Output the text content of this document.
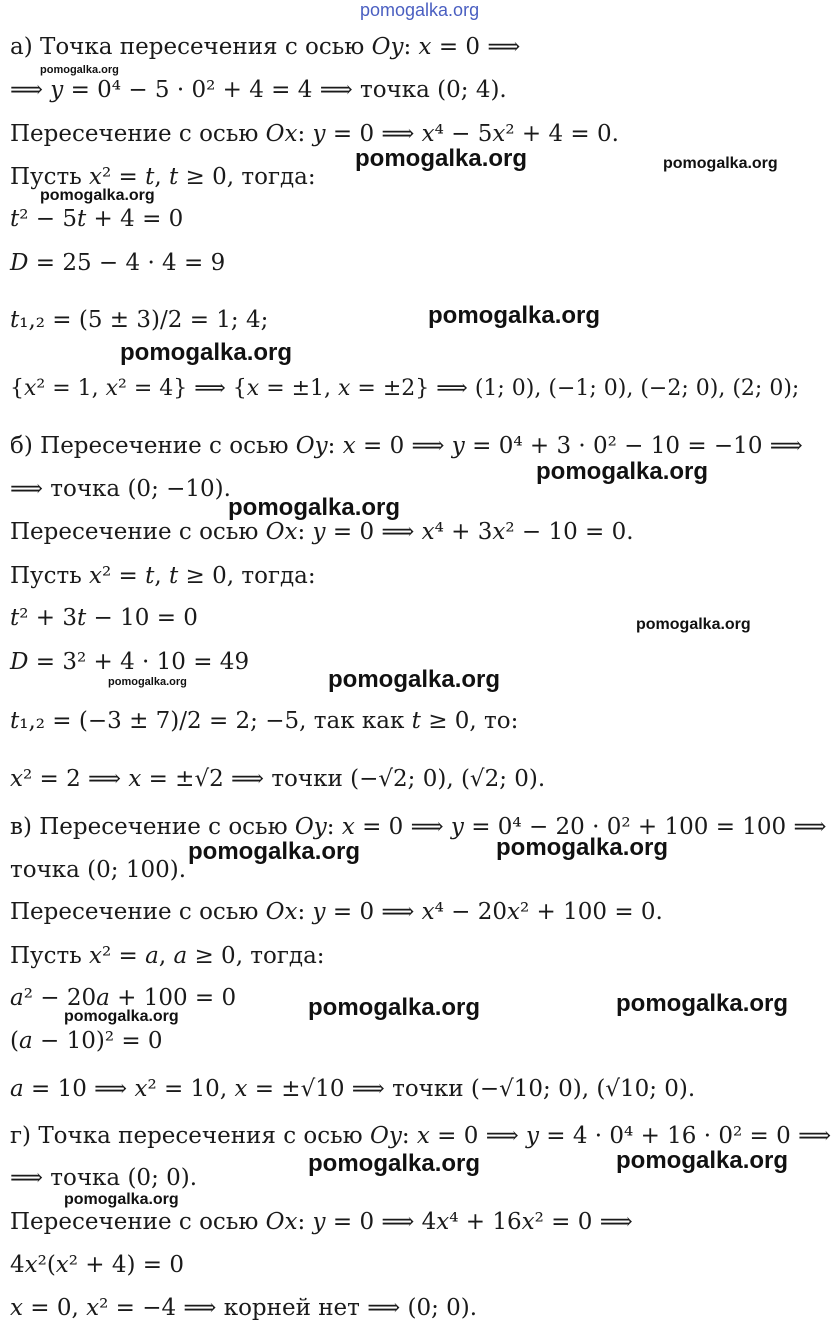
pomogalka.org
а) Точка пересечения с осью 𝑂𝑦: 𝑥 = 0 ⟹
⟹ 𝑦 = 0⁴ − 5 · 0² + 4 = 4 ⟹ точка (0; 4).
Пересечение с осью 𝑂𝑥: 𝑦 = 0 ⟹ 𝑥⁴ − 5𝑥² + 4 = 0.
Пусть 𝑥² = 𝑡, 𝑡 ≥ 0, тогда:
𝑡² − 5𝑡 + 4 = 0
𝐷 = 25 − 4 · 4 = 9
𝑡₁,₂ = (5 ± 3)/2 = 1; 4;
{𝑥² = 1, 𝑥² = 4} ⟹ {𝑥 = ±1, 𝑥 = ±2} ⟹ (1; 0), (−1; 0), (−2; 0), (2; 0);
б) Пересечение с осью 𝑂𝑦: 𝑥 = 0 ⟹ 𝑦 = 0⁴ + 3 · 0² − 10 = −10 ⟹
⟹ точка (0; −10).
Пересечение с осью 𝑂𝑥: 𝑦 = 0 ⟹ 𝑥⁴ + 3𝑥² − 10 = 0.
Пусть 𝑥² = 𝑡, 𝑡 ≥ 0, тогда:
𝑡² + 3𝑡 − 10 = 0
𝐷 = 3² + 4 · 10 = 49
𝑡₁,₂ = (−3 ± 7)/2 = 2; −5, так как 𝑡 ≥ 0, то:
𝑥² = 2 ⟹ 𝑥 = ±√2 ⟹ точки (−√2; 0), (√2; 0).
в) Пересечение с осью 𝑂𝑦: 𝑥 = 0 ⟹ 𝑦 = 0⁴ − 20 · 0² + 100 = 100 ⟹
точка (0; 100).
Пересечение с осью 𝑂𝑥: 𝑦 = 0 ⟹ 𝑥⁴ − 20𝑥² + 100 = 0.
Пусть 𝑥² = 𝑎, 𝑎 ≥ 0, тогда:
𝑎² − 20𝑎 + 100 = 0
(𝑎 − 10)² = 0
𝑎 = 10 ⟹ 𝑥² = 10, 𝑥 = ±√10 ⟹ точки (−√10; 0), (√10; 0).
г) Точка пересечения с осью 𝑂𝑦: 𝑥 = 0 ⟹ 𝑦 = 4 · 0⁴ + 16 · 0² = 0 ⟹
⟹ точка (0; 0).
Пересечение с осью 𝑂𝑥: 𝑦 = 0 ⟹ 4𝑥⁴ + 16𝑥² = 0 ⟹
4𝑥²(𝑥² + 4) = 0
𝑥 = 0, 𝑥² = −4 ⟹ корней нет ⟹ (0; 0).
pomogalka.org
pomogalka.org	pomogalka.org
pomogalka.org
pomogalka.org
pomogalka.org
pomogalka.org
pomogalka.org
pomogalka.org
pomogalka.org
pomogalka.org
pomogalka.org	pomogalka.org
pomogalka.org	pomogalka.org
pomogalka.org
pomogalka.org	pomogalka.org
pomogalka.org
